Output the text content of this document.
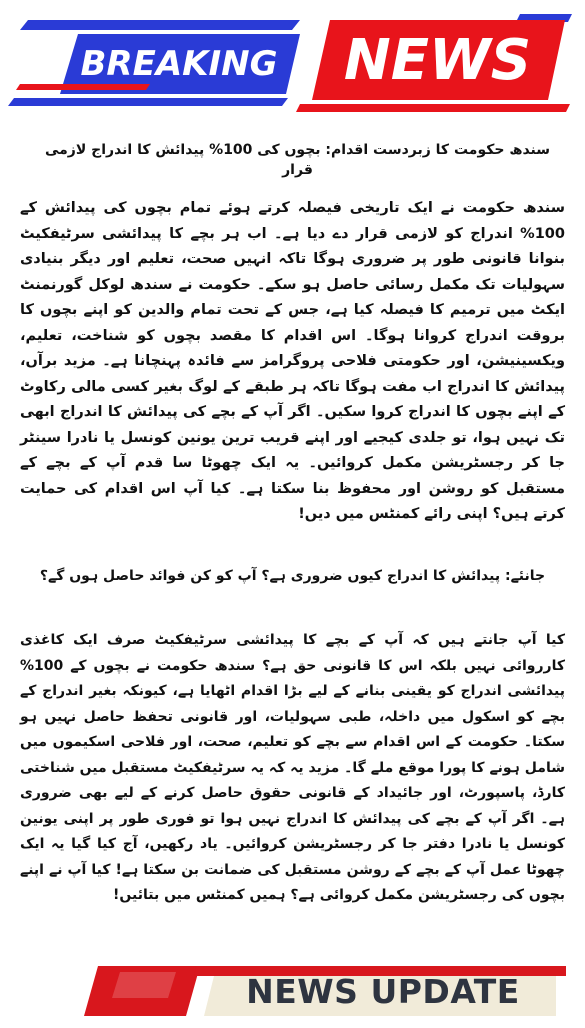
BREAKING	NEWS

سندھ حکومت کا زبردست اقدام: بچوں کی 100% پیدائش کا اندراج لازمی قرار

سندھ حکومت نے ایک تاریخی فیصلہ کرتے ہوئے تمام بچوں کی پیدائش کے 100% اندراج کو لازمی قرار دے دیا ہے۔ اب ہر بچے کا پیدائشی سرٹیفکیٹ بنوانا قانونی طور پر ضروری ہوگا تاکہ انہیں صحت، تعلیم اور دیگر بنیادی سہولیات تک مکمل رسائی حاصل ہو سکے۔ حکومت نے سندھ لوکل گورنمنٹ ایکٹ میں ترمیم کا فیصلہ کیا ہے، جس کے تحت تمام والدین کو اپنے بچوں کا بروقت اندراج کروانا ہوگا۔ اس اقدام کا مقصد بچوں کو شناخت، تعلیم، ویکسینیشن، اور حکومتی فلاحی پروگرامز سے فائدہ پہنچانا ہے۔ مزید برآں، پیدائش کا اندراج اب مفت ہوگا تاکہ ہر طبقے کے لوگ بغیر کسی مالی رکاوٹ کے اپنے بچوں کا اندراج کروا سکیں۔ اگر آپ کے بچے کی پیدائش کا اندراج ابھی تک نہیں ہوا، تو جلدی کیجیے اور اپنے قریب ترین یونین کونسل یا نادرا سینٹر جا کر رجسٹریشن مکمل کروائیں۔ یہ ایک چھوٹا سا قدم آپ کے بچے کے مستقبل کو روشن اور محفوظ بنا سکتا ہے۔ کیا آپ اس اقدام کی حمایت کرتے ہیں؟ اپنی رائے کمنٹس میں دیں!

جانئے: پیدائش کا اندراج کیوں ضروری ہے؟ آپ کو کن فوائد حاصل ہوں گے؟

کیا آپ جانتے ہیں کہ آپ کے بچے کا پیدائشی سرٹیفکیٹ صرف ایک کاغذی کارروائی نہیں بلکہ اس کا قانونی حق ہے؟ سندھ حکومت نے بچوں کے 100% پیدائشی اندراج کو یقینی بنانے کے لیے بڑا اقدام اٹھایا ہے، کیونکہ بغیر اندراج کے بچے کو اسکول میں داخلہ، طبی سہولیات، اور قانونی تحفظ حاصل نہیں ہو سکتا۔ حکومت کے اس اقدام سے بچے کو تعلیم، صحت، اور فلاحی اسکیموں میں شامل ہونے کا پورا موقع ملے گا۔ مزید یہ کہ یہ سرٹیفکیٹ مستقبل میں شناختی کارڈ، پاسپورٹ، اور جائیداد کے قانونی حقوق حاصل کرنے کے لیے بھی ضروری ہے۔ اگر آپ کے بچے کی پیدائش کا اندراج نہیں ہوا تو فوری طور پر اپنی یونین کونسل یا نادرا دفتر جا کر رجسٹریشن کروائیں۔ یاد رکھیں، آج کیا گیا یہ ایک چھوٹا عمل آپ کے بچے کے روشن مستقبل کی ضمانت بن سکتا ہے! کیا آپ نے اپنے بچوں کی رجسٹریشن مکمل کروائی ہے؟ ہمیں کمنٹس میں بتائیں!

NEWS UPDATE
